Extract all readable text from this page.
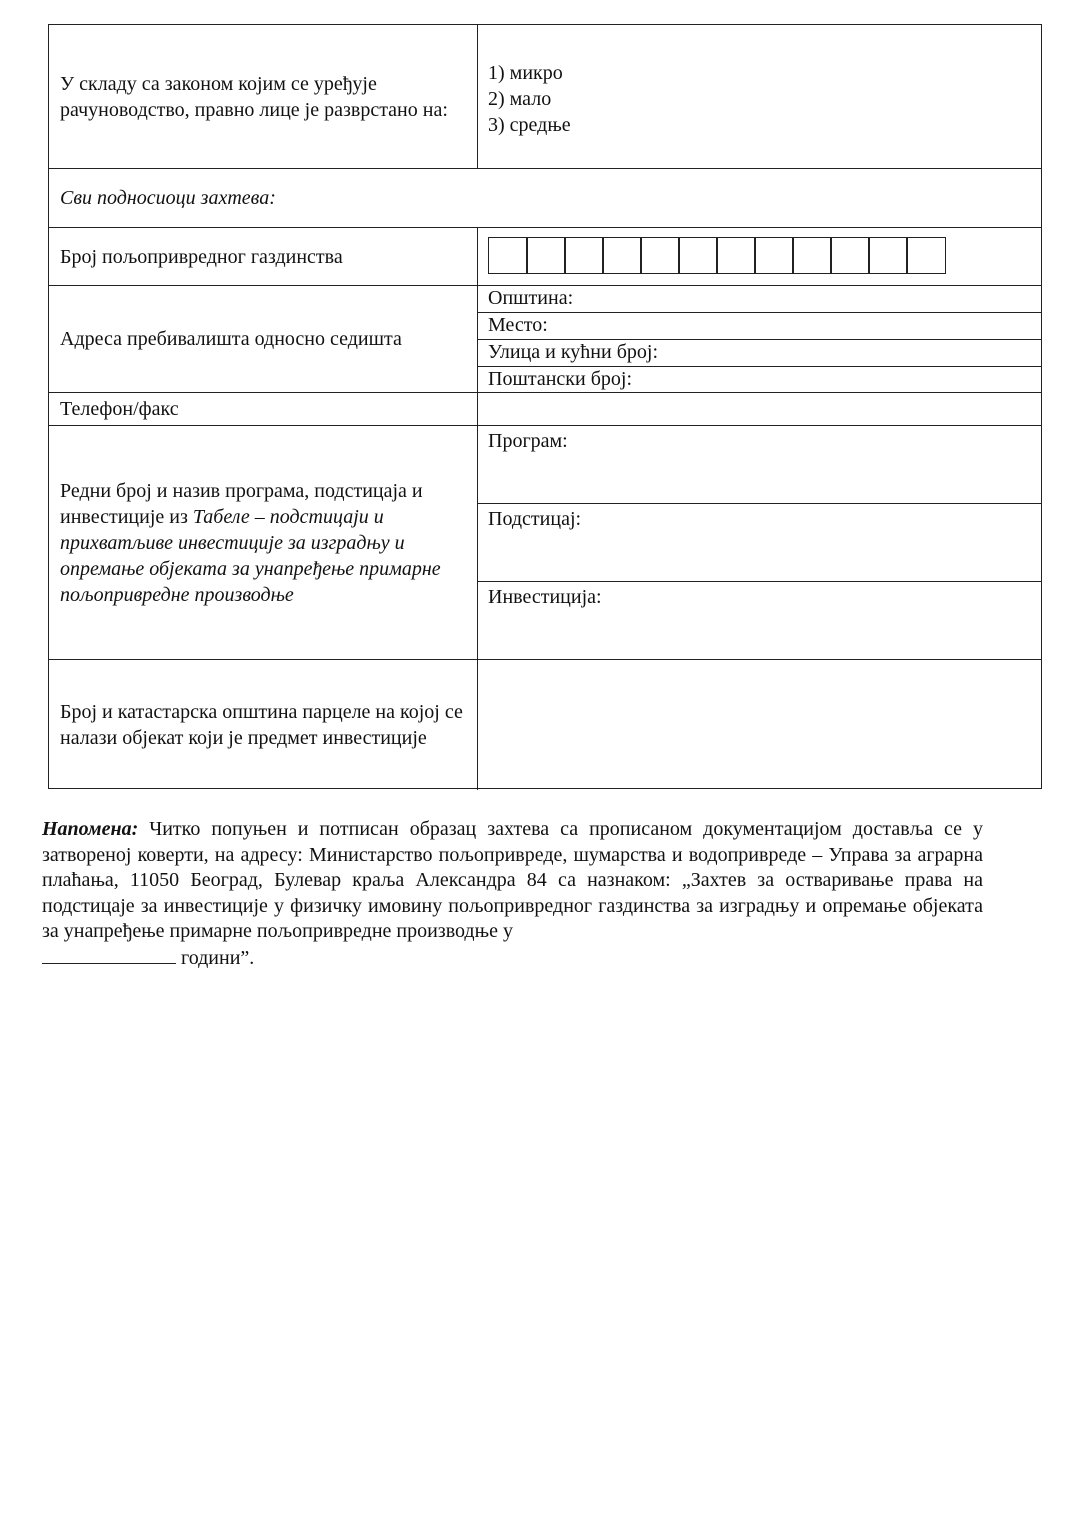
У складу са законом којим се уређује рачуноводство, правно лице је разврстано на:
1) микро
2) мало
3) средње
Сви подносиоци захтева:
Број пољопривредног газдинства
Адреса пребивалишта односно седишта
Општина:
Место:
Улица и кућни број:
Поштански број:
Телефон/факс
Редни број и назив програма, подстицаја и инвестиције из Табеле – подстицаји и прихватљиве инвестиције за изградњу и опремање објеката за унапређење примарне пољопривредне производње
Програм:
Подстицај:
Инвестиција:
Број и катастарска општина парцеле на којој се налази објекат који је предмет инвестиције
Напомена: Читко попуњен и потписан образац захтева са прописаном документацијом доставља се у затвореној коверти, на адресу: Министарство пољопривреде, шумарства и водопривреде – Управа за аграрна плаћања, 11050 Београд, Булевар краља Александра 84 са назнаком: „Захтев за остваривање права на подстицаје за инвестиције у физичку имовину пољопривредног газдинства за изградњу и опремање објеката за унапређење примарне пољопривредне производње у
години”.
